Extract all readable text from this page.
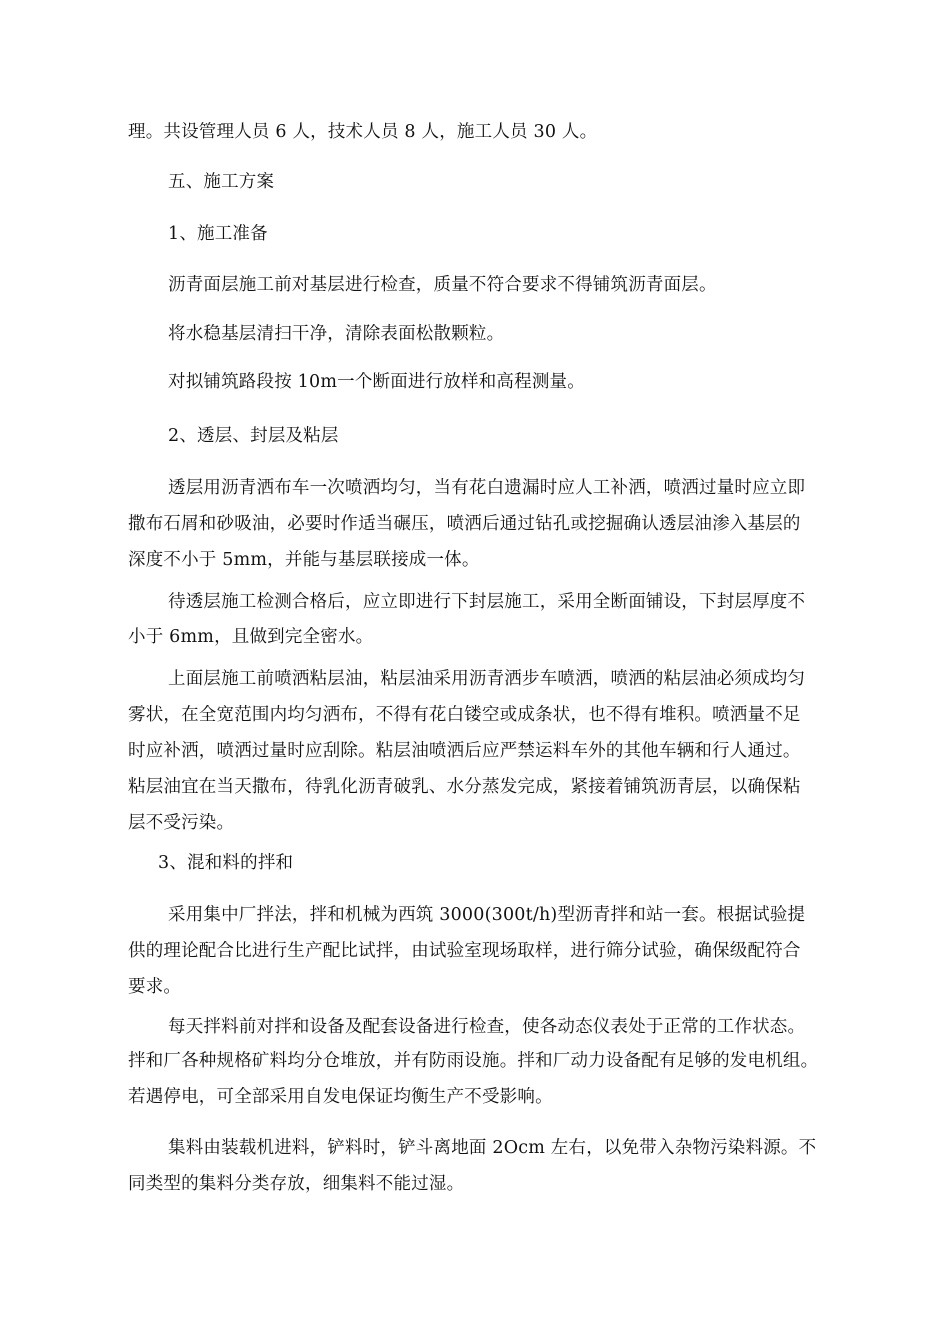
理。共设管理人员 6 人，技术人员 8 人，施工人员 30 人。
五、施工方案
1、施工准备
沥青面层施工前对基层进行检查，质量不符合要求不得铺筑沥青面层。
将水稳基层清扫干净，清除表面松散颗粒。
对拟铺筑路段按 10m一个断面进行放样和高程测量。
2、透层、封层及粘层
透层用沥青洒布车一次喷洒均匀，当有花白遗漏时应人工补洒，喷洒过量时应立即
撒布石屑和砂吸油，必要时作适当碾压，喷洒后通过钻孔或挖掘确认透层油渗入基层的
深度不小于 5mm，并能与基层联接成一体。
待透层施工检测合格后，应立即进行下封层施工，采用全断面铺设，下封层厚度不
小于 6mm，且做到完全密水。
上面层施工前喷洒粘层油，粘层油采用沥青洒步车喷洒，喷洒的粘层油必须成均匀
雾状，在全宽范围内均匀洒布，不得有花白镂空或成条状，也不得有堆积。喷洒量不足
时应补洒，喷洒过量时应刮除。粘层油喷洒后应严禁运料车外的其他车辆和行人通过。
粘层油宜在当天撒布，待乳化沥青破乳、水分蒸发完成，紧接着铺筑沥青层，以确保粘
层不受污染。
3、混和料的拌和
采用集中厂拌法，拌和机械为西筑 3000(300t/h)型沥青拌和站一套。根据试验提
供的理论配合比进行生产配比试拌，由试验室现场取样，进行筛分试验，确保级配符合
要求。
每天拌料前对拌和设备及配套设备进行检查，使各动态仪表处于正常的工作状态。
拌和厂各种规格矿料均分仓堆放，并有防雨设施。拌和厂动力设备配有足够的发电机组。
若遇停电，可全部采用自发电保证均衡生产不受影响。
集料由装载机进料，铲料时，铲斗离地面 2Ocm 左右，以免带入杂物污染料源。不
同类型的集料分类存放，细集料不能过湿。
